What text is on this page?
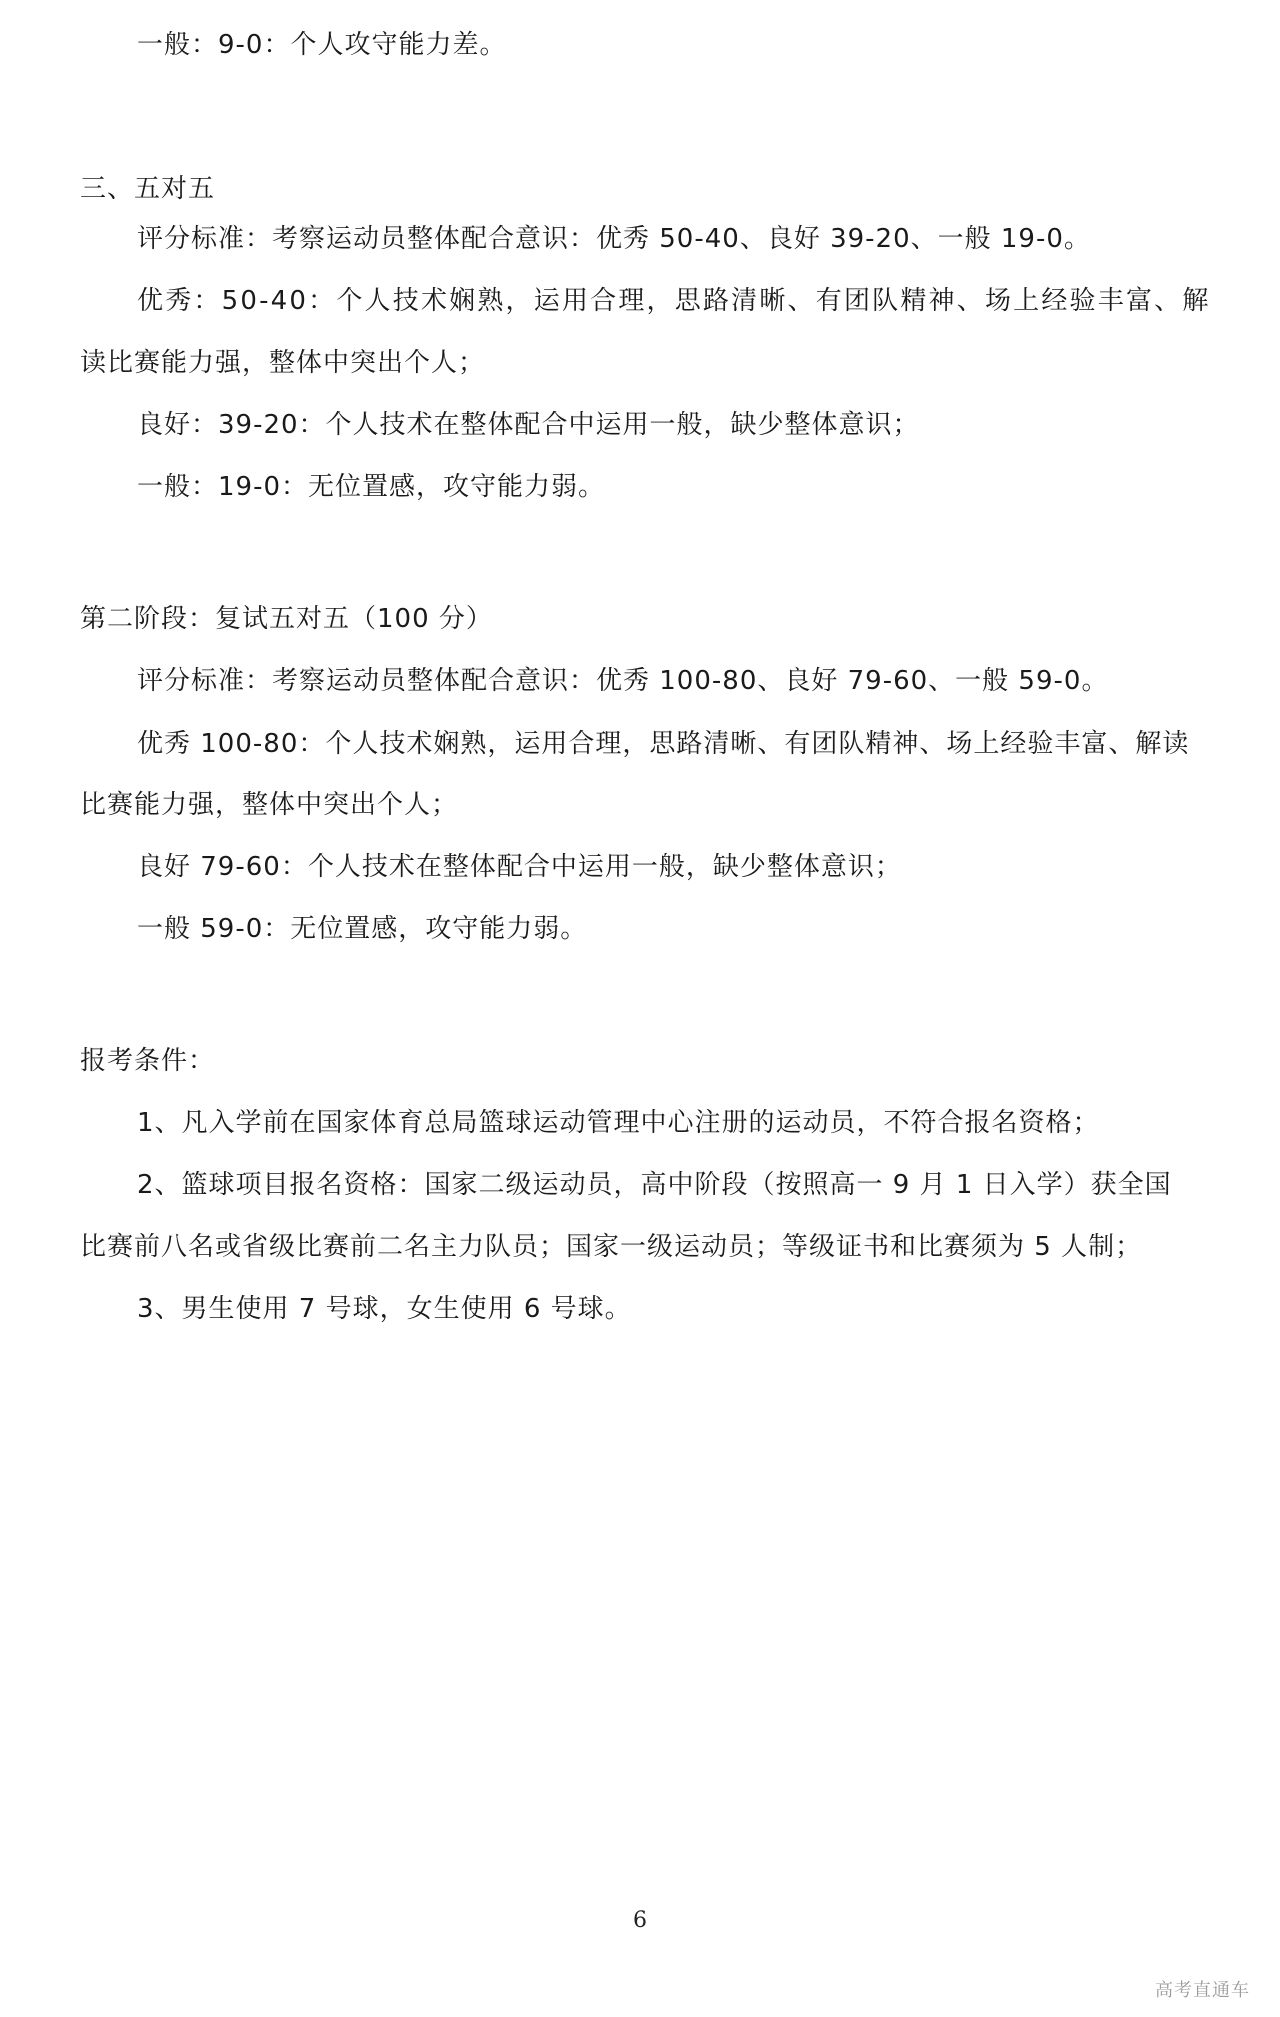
一般：9-0：个人攻守能力差。
三、五对五
评分标准：考察运动员整体配合意识：优秀 50-40、良好 39-20、一般 19-0。
优秀：50-40：个人技术娴熟，运用合理，思路清晰、有团队精神、场上经验丰富、解
读比赛能力强，整体中突出个人；
良好：39-20：个人技术在整体配合中运用一般，缺少整体意识；
一般：19-0：无位置感，攻守能力弱。
第二阶段：复试五对五（100 分）
评分标准：考察运动员整体配合意识：优秀 100-80、良好 79-60、一般 59-0。
优秀 100-80：个人技术娴熟，运用合理，思路清晰、有团队精神、场上经验丰富、解读
比赛能力强，整体中突出个人；
良好 79-60：个人技术在整体配合中运用一般，缺少整体意识；
一般 59-0：无位置感，攻守能力弱。
报考条件：
1、凡入学前在国家体育总局篮球运动管理中心注册的运动员，不符合报名资格；
2、篮球项目报名资格：国家二级运动员，高中阶段（按照高一 9 月 1 日入学）获全国
比赛前八名或省级比赛前二名主力队员；国家一级运动员；等级证书和比赛须为 5 人制；
3、男生使用 7 号球，女生使用 6 号球。
6
高考直通车
